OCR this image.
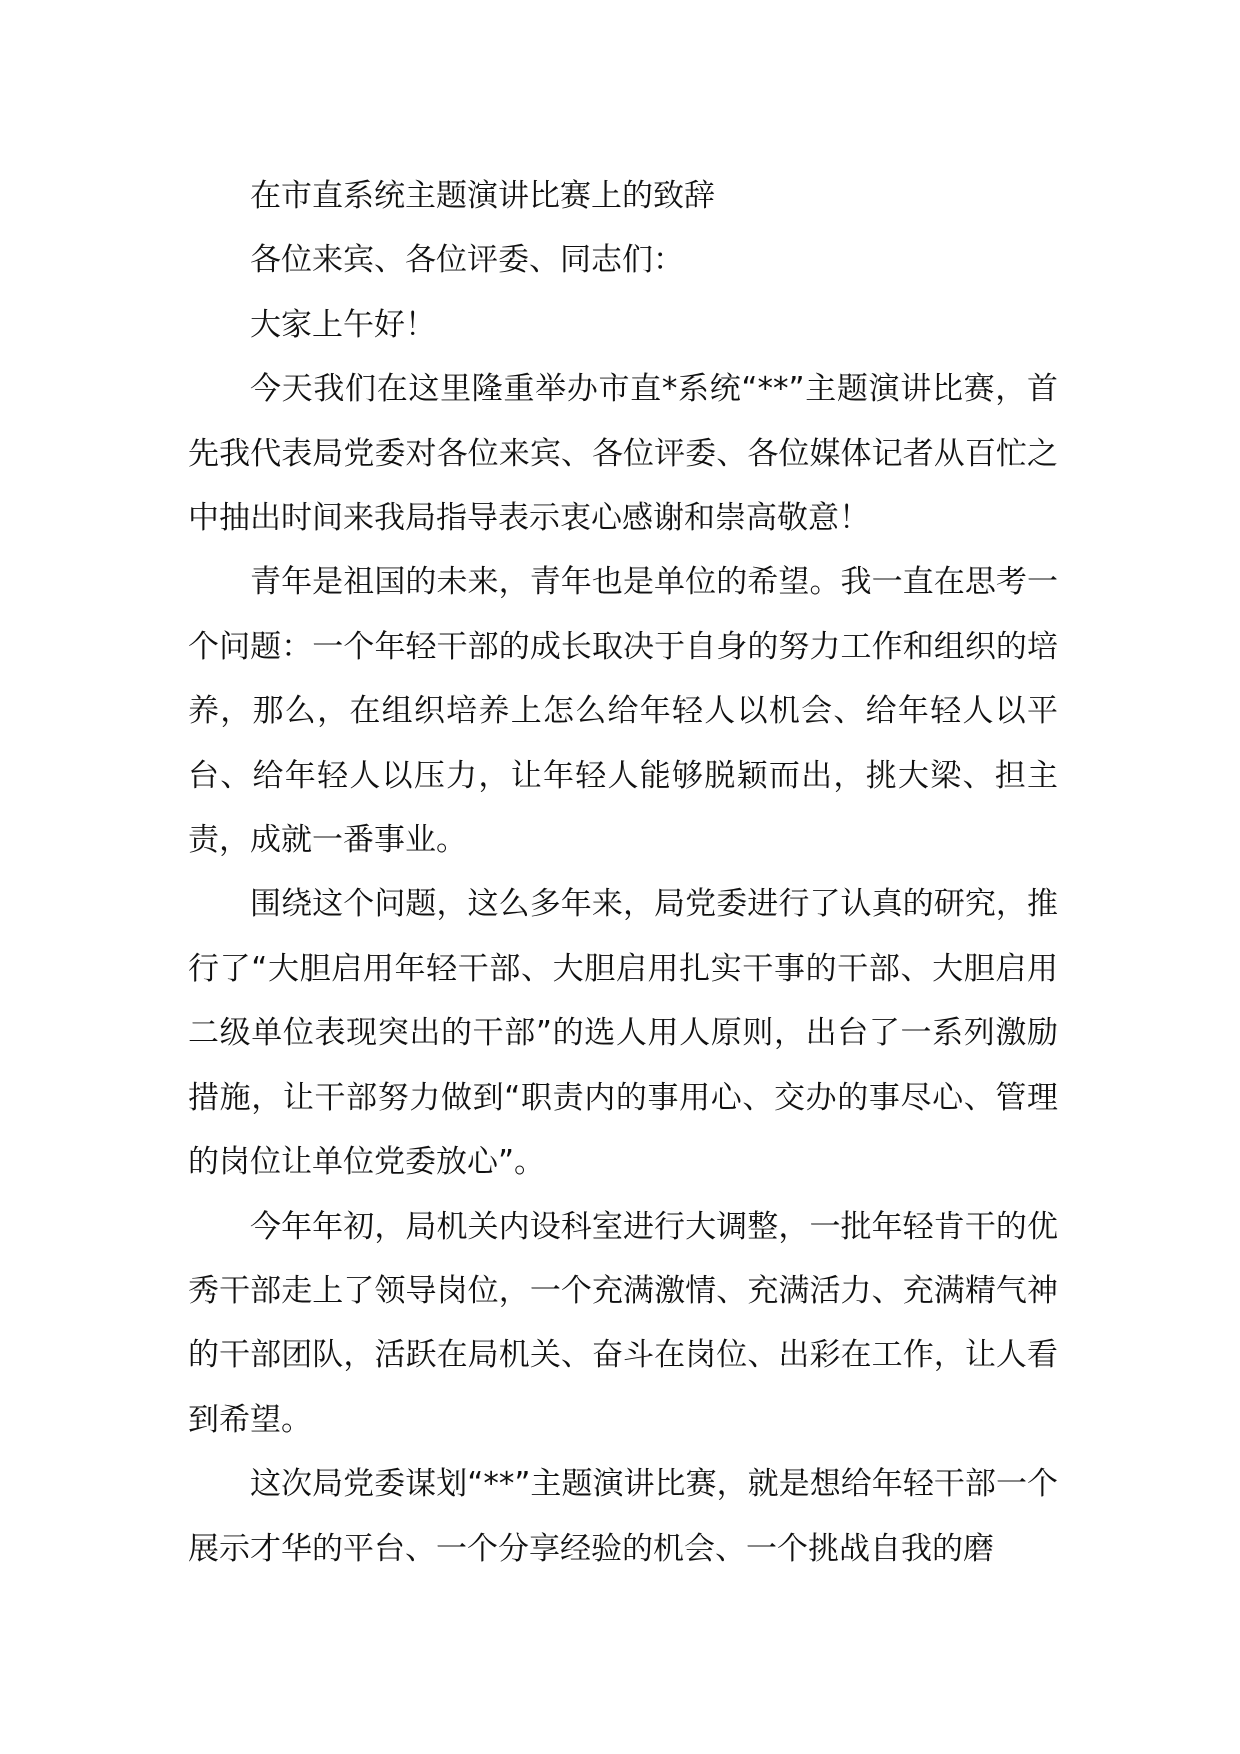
在市直系统主题演讲比赛上的致辞

各位来宾、各位评委、同志们：

大家上午好！

今天我们在这里隆重举办市直*系统“**”主题演讲比赛，首先我代表局党委对各位来宾、各位评委、各位媒体记者从百忙之中抽出时间来我局指导表示衷心感谢和崇高敬意！

青年是祖国的未来，青年也是单位的希望。我一直在思考一个问题：一个年轻干部的成长取决于自身的努力工作和组织的培养，那么，在组织培养上怎么给年轻人以机会、给年轻人以平台、给年轻人以压力，让年轻人能够脱颖而出，挑大梁、担主责，成就一番事业。

围绕这个问题，这么多年来，局党委进行了认真的研究，推行了“大胆启用年轻干部、大胆启用扎实干事的干部、大胆启用二级单位表现突出的干部”的选人用人原则，出台了一系列激励措施，让干部努力做到“职责内的事用心、交办的事尽心、管理的岗位让单位党委放心”。

今年年初，局机关内设科室进行大调整，一批年轻肯干的优秀干部走上了领导岗位，一个充满激情、充满活力、充满精气神的干部团队，活跃在局机关、奋斗在岗位、出彩在工作，让人看到希望。

这次局党委谋划“**”主题演讲比赛，就是想给年轻干部一个展示才华的平台、一个分享经验的机会、一个挑战自我的磨
